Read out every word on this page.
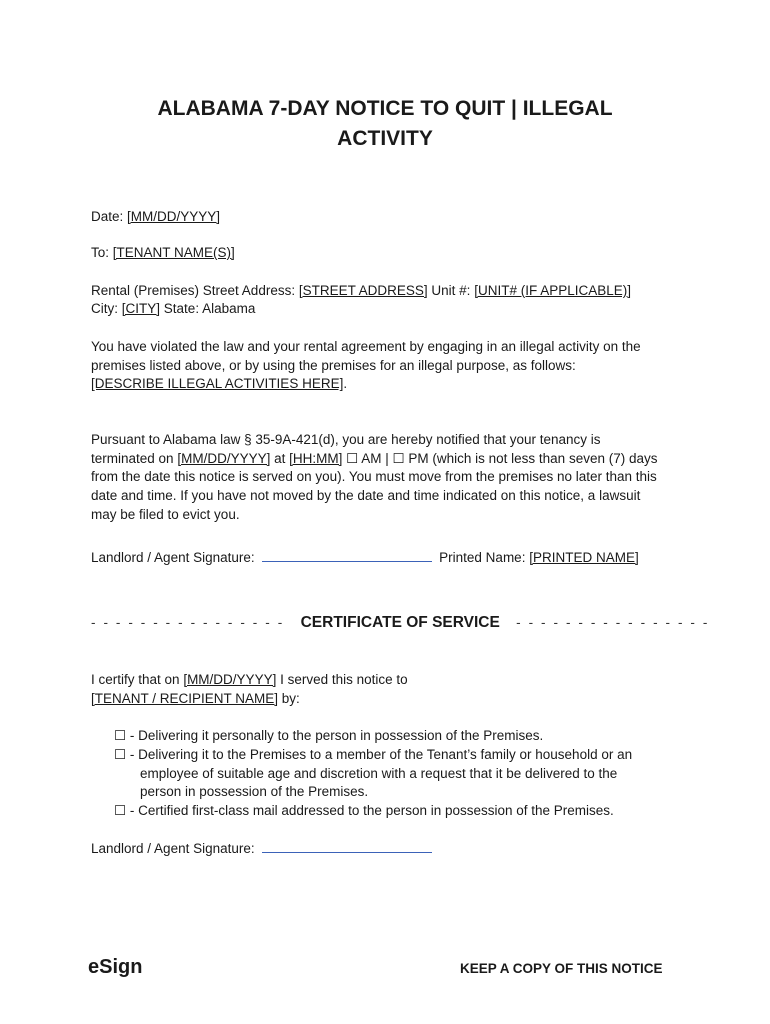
ALABAMA 7-DAY NOTICE TO QUIT | ILLEGAL
ACTIVITY
Date: [MM/DD/YYYY]
To: [TENANT NAME(S)]
Rental (Premises) Street Address: [STREET ADDRESS] Unit #: [UNIT# (IF APPLICABLE)]
City: [CITY] State: Alabama
You have violated the law and your rental agreement by engaging in an illegal activity on the
premises listed above, or by using the premises for an illegal purpose, as follows:
[DESCRIBE ILLEGAL ACTIVITIES HERE].
Pursuant to Alabama law § 35-9A-421(d), you are hereby notified that your tenancy is
terminated on [MM/DD/YYYY] at [HH:MM] ☐ AM | ☐ PM (which is not less than seven (7) days
from the date this notice is served on you). You must move from the premises no later than this
date and time. If you have not moved by the date and time indicated on this notice, a lawsuit
may be filed to evict you.
Landlord / Agent Signature:	Printed Name: [PRINTED NAME]
- - - - - - - - - - - - - - - - CERTIFICATE OF SERVICE - - - - - - - - - - - - - - - -
I certify that on [MM/DD/YYYY] I served this notice to
[TENANT / RECIPIENT NAME] by:
☐ - Delivering it personally to the person in possession of the Premises.
☐ - Delivering it to the Premises to a member of the Tenant’s family or household or an
employee of suitable age and discretion with a request that it be delivered to the
person in possession of the Premises.
☐ - Certified first-class mail addressed to the person in possession of the Premises.
Landlord / Agent Signature:
eSign	KEEP A COPY OF THIS NOTICE
